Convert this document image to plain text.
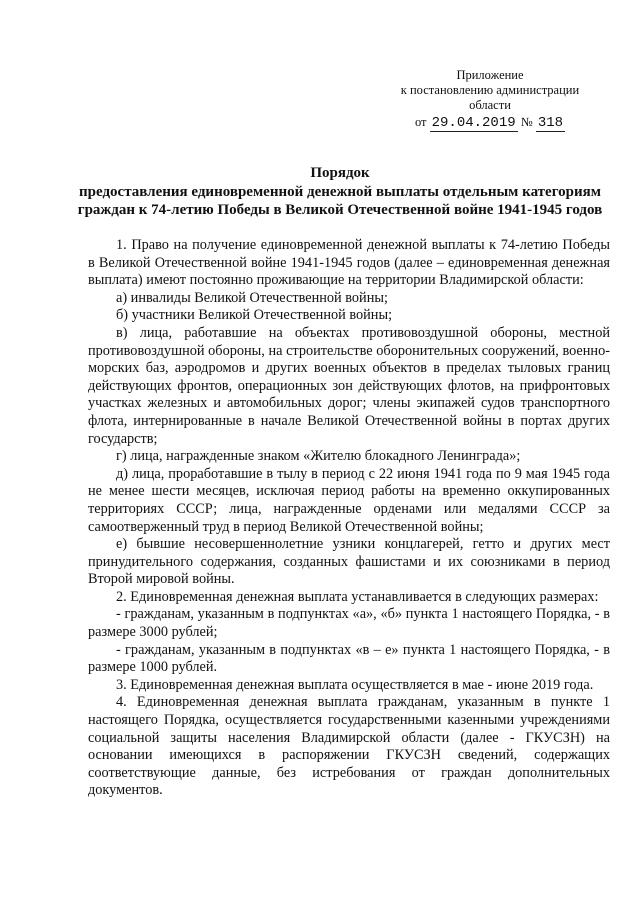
Приложение
к постановлению администрации
области
от 29.04.2019 № 318
Порядок
предоставления единовременной денежной выплаты отдельным категориям
граждан к 74-летию Победы в Великой Отечественной войне 1941-1945 годов

1. Право на получение единовременной денежной выплаты к 74-летию Победы в Великой Отечественной войне 1941-1945 годов (далее – единовременная денежная выплата) имеют постоянно проживающие на территории Владимирской области:

а) инвалиды Великой Отечественной войны;

б) участники Великой Отечественной войны;

в) лица, работавшие на объектах противовоздушной обороны, местной противовоздушной обороны, на строительстве оборонительных сооружений, военно-морских баз, аэродромов и других военных объектов в пределах тыловых границ действующих фронтов, операционных зон действующих флотов, на прифронтовых участках железных и автомобильных дорог; члены экипажей судов транспортного флота, интернированные в начале Великой Отечественной войны в портах других государств;

г) лица, награжденные знаком «Жителю блокадного Ленинграда»;

д) лица, проработавшие в тылу в период с 22 июня 1941 года по 9 мая 1945 года не менее шести месяцев, исключая период работы на временно оккупированных территориях СССР; лица, награжденные орденами или медалями СССР за самоотверженный труд в период Великой Отечественной войны;

е) бывшие несовершеннолетние узники концлагерей, гетто и других мест принудительного содержания, созданных фашистами и их союзниками в период Второй мировой войны.

2. Единовременная денежная выплата устанавливается в следующих размерах:

- гражданам, указанным в подпунктах «а», «б» пункта 1 настоящего Порядка, - в размере 3000 рублей;

- гражданам, указанным в подпунктах «в – е» пункта 1 настоящего Порядка, - в размере 1000 рублей.

3. Единовременная денежная выплата осуществляется в мае - июне 2019 года.

4. Единовременная денежная выплата гражданам, указанным в пункте 1 настоящего Порядка, осуществляется государственными казенными учреждениями социальной защиты населения Владимирской области (далее - ГКУСЗН) на основании имеющихся в распоряжении ГКУСЗН сведений, содержащих соответствующие данные, без истребования от граждан дополнительных документов.
